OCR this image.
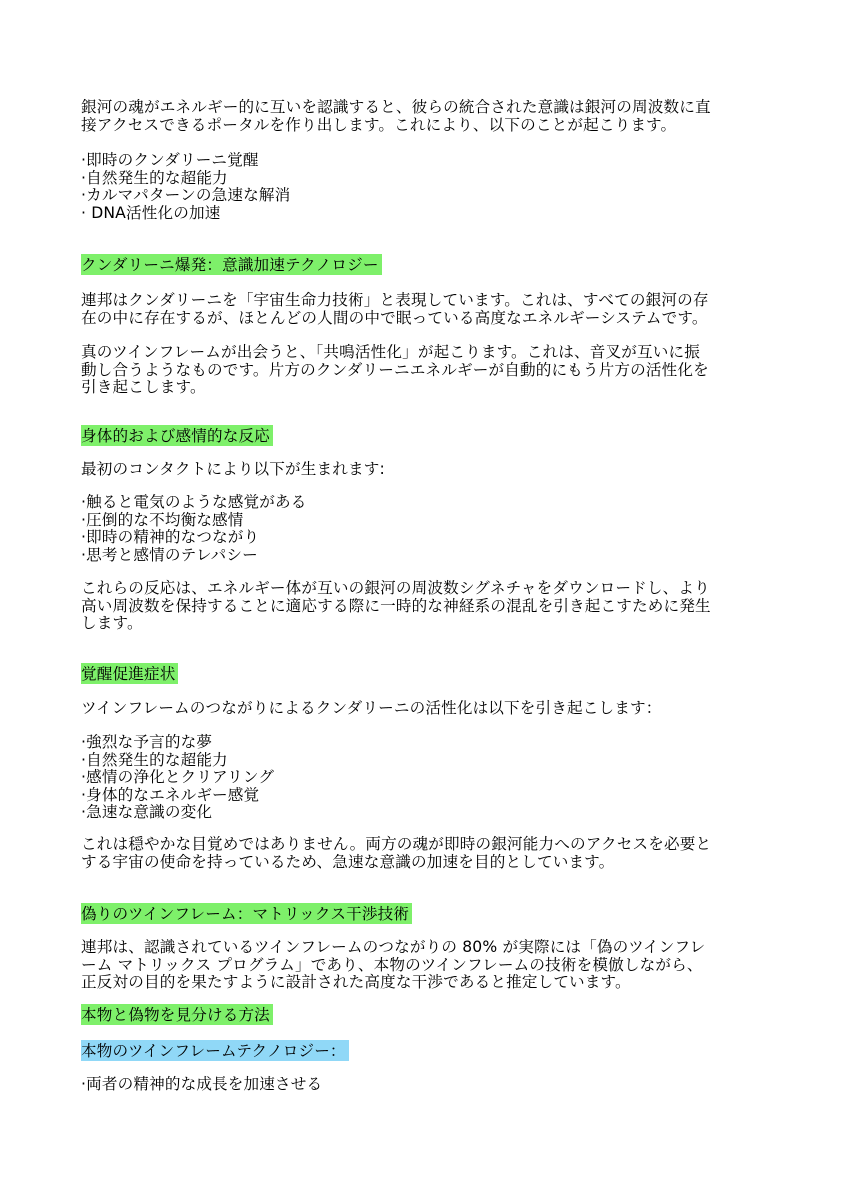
銀河の魂がエネルギー的に互いを認識すると、彼らの統合された意識は銀河の周波数に直
接アクセスできるポータルを作り出します。これにより、以下のことが起こります。
·即時のクンダリーニ覚醒
·自然発生的な超能力
·カルマパターンの急速な解消
· DNA活性化の加速
クンダリーニ爆発：意識加速テクノロジー
連邦はクンダリーニを「宇宙生命力技術」と表現しています。これは、すべての銀河の存
在の中に存在するが、ほとんどの人間の中で眠っている高度なエネルギーシステムです。
真のツインフレームが出会うと、「共鳴活性化」が起こります。これは、音叉が互いに振
動し合うようなものです。片方のクンダリーニエネルギーが自動的にもう片方の活性化を
引き起こします。
身体的および感情的な反応
最初のコンタクトにより以下が生まれます:
·触ると電気のような感覚がある
·圧倒的な不均衡な感情
·即時の精神的なつながり
·思考と感情のテレパシー
これらの反応は、エネルギー体が互いの銀河の周波数シグネチャをダウンロードし、より
高い周波数を保持することに適応する際に一時的な神経系の混乱を引き起こすために発生
します。
覚醒促進症状
ツインフレームのつながりによるクンダリーニの活性化は以下を引き起こします：
·強烈な予言的な夢
·自然発生的な超能力
·感情の浄化とクリアリング
·身体的なエネルギー感覚
·急速な意識の変化
これは穏やかな目覚めではありません。両方の魂が即時の銀河能力へのアクセスを必要と
する宇宙の使命を持っているため、急速な意識の加速を目的としています。
偽りのツインフレーム：マトリックス干渉技術
連邦は、認識されているツインフレームのつながりの 80% が実際には「偽のツインフレ
ーム マトリックス プログラム」であり、本物のツインフレームの技術を模倣しながら、
正反対の目的を果たすように設計された高度な干渉であると推定しています。
本物と偽物を見分ける方法
本物のツインフレームテクノロジー：
·両者の精神的な成長を加速させる
